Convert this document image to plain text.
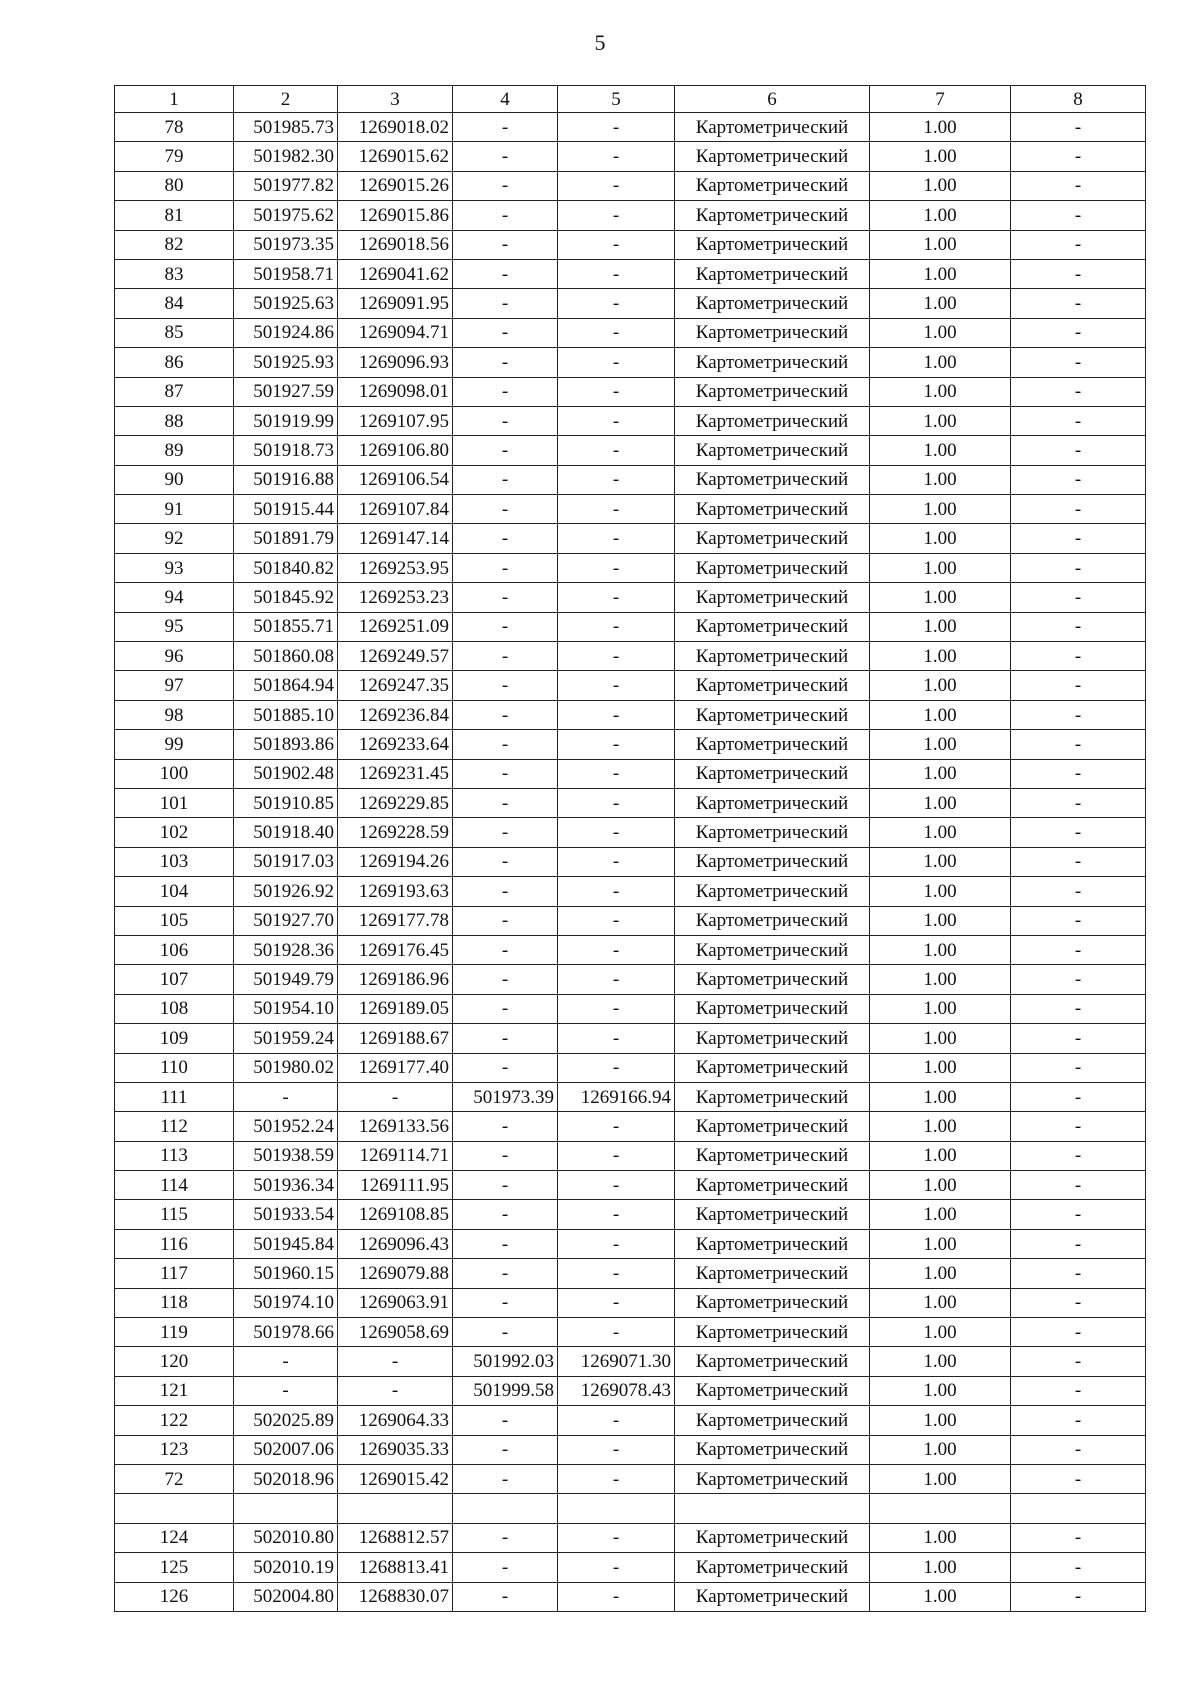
5
1	2	3	4	5	6	7	8
78	501985.73	1269018.02	-	-	Картометрический	1.00	-
79	501982.30	1269015.62	-	-	Картометрический	1.00	-
80	501977.82	1269015.26	-	-	Картометрический	1.00	-
81	501975.62	1269015.86	-	-	Картометрический	1.00	-
82	501973.35	1269018.56	-	-	Картометрический	1.00	-
83	501958.71	1269041.62	-	-	Картометрический	1.00	-
84	501925.63	1269091.95	-	-	Картометрический	1.00	-
85	501924.86	1269094.71	-	-	Картометрический	1.00	-
86	501925.93	1269096.93	-	-	Картометрический	1.00	-
87	501927.59	1269098.01	-	-	Картометрический	1.00	-
88	501919.99	1269107.95	-	-	Картометрический	1.00	-
89	501918.73	1269106.80	-	-	Картометрический	1.00	-
90	501916.88	1269106.54	-	-	Картометрический	1.00	-
91	501915.44	1269107.84	-	-	Картометрический	1.00	-
92	501891.79	1269147.14	-	-	Картометрический	1.00	-
93	501840.82	1269253.95	-	-	Картометрический	1.00	-
94	501845.92	1269253.23	-	-	Картометрический	1.00	-
95	501855.71	1269251.09	-	-	Картометрический	1.00	-
96	501860.08	1269249.57	-	-	Картометрический	1.00	-
97	501864.94	1269247.35	-	-	Картометрический	1.00	-
98	501885.10	1269236.84	-	-	Картометрический	1.00	-
99	501893.86	1269233.64	-	-	Картометрический	1.00	-
100	501902.48	1269231.45	-	-	Картометрический	1.00	-
101	501910.85	1269229.85	-	-	Картометрический	1.00	-
102	501918.40	1269228.59	-	-	Картометрический	1.00	-
103	501917.03	1269194.26	-	-	Картометрический	1.00	-
104	501926.92	1269193.63	-	-	Картометрический	1.00	-
105	501927.70	1269177.78	-	-	Картометрический	1.00	-
106	501928.36	1269176.45	-	-	Картометрический	1.00	-
107	501949.79	1269186.96	-	-	Картометрический	1.00	-
108	501954.10	1269189.05	-	-	Картометрический	1.00	-
109	501959.24	1269188.67	-	-	Картометрический	1.00	-
110	501980.02	1269177.40	-	-	Картометрический	1.00	-
111	-	-	501973.39	1269166.94	Картометрический	1.00	-
112	501952.24	1269133.56	-	-	Картометрический	1.00	-
113	501938.59	1269114.71	-	-	Картометрический	1.00	-
114	501936.34	1269111.95	-	-	Картометрический	1.00	-
115	501933.54	1269108.85	-	-	Картометрический	1.00	-
116	501945.84	1269096.43	-	-	Картометрический	1.00	-
117	501960.15	1269079.88	-	-	Картометрический	1.00	-
118	501974.10	1269063.91	-	-	Картометрический	1.00	-
119	501978.66	1269058.69	-	-	Картометрический	1.00	-
120	-	-	501992.03	1269071.30	Картометрический	1.00	-
121	-	-	501999.58	1269078.43	Картометрический	1.00	-
122	502025.89	1269064.33	-	-	Картометрический	1.00	-
123	502007.06	1269035.33	-	-	Картометрический	1.00	-
72	502018.96	1269015.42	-	-	Картометрический	1.00	-

124	502010.80	1268812.57	-	-	Картометрический	1.00	-
125	502010.19	1268813.41	-	-	Картометрический	1.00	-
126	502004.80	1268830.07	-	-	Картометрический	1.00	-
